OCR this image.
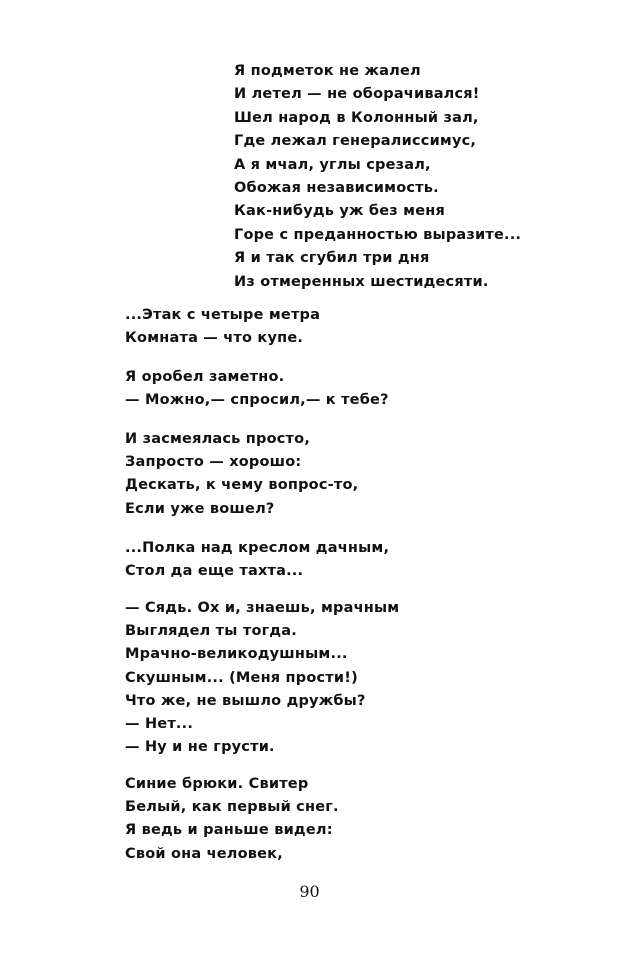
Я подметок не жалел
И летел — не оборачивался!
Шел народ в Колонный зал,
Где лежал генералиссимус,
А я мчал, углы срезал,
Обожая независимость.
Как-нибудь уж без меня
Горе с преданностью выразите...
Я и так сгубил три дня
Из отмеренных шестидесяти.
...Этак с четыре метра
Комната — что купе.
Я оробел заметно.
— Можно,— спросил,— к тебе?
И засмеялась просто,
Запросто — хорошо:
Дескать, к чему вопрос-то,
Если уже вошел?
...Полка над креслом дачным,
Стол да еще тахта...
— Сядь. Ох и, знаешь, мрачным
Выглядел ты тогда.
Мрачно-великодушным...
Скушным... (Меня прости!)
Что же, не вышло дружбы?
— Нет...
— Ну и не грусти.
Синие брюки. Свитер
Белый, как первый снег.
Я ведь и раньше видел:
Свой она человек,
90
